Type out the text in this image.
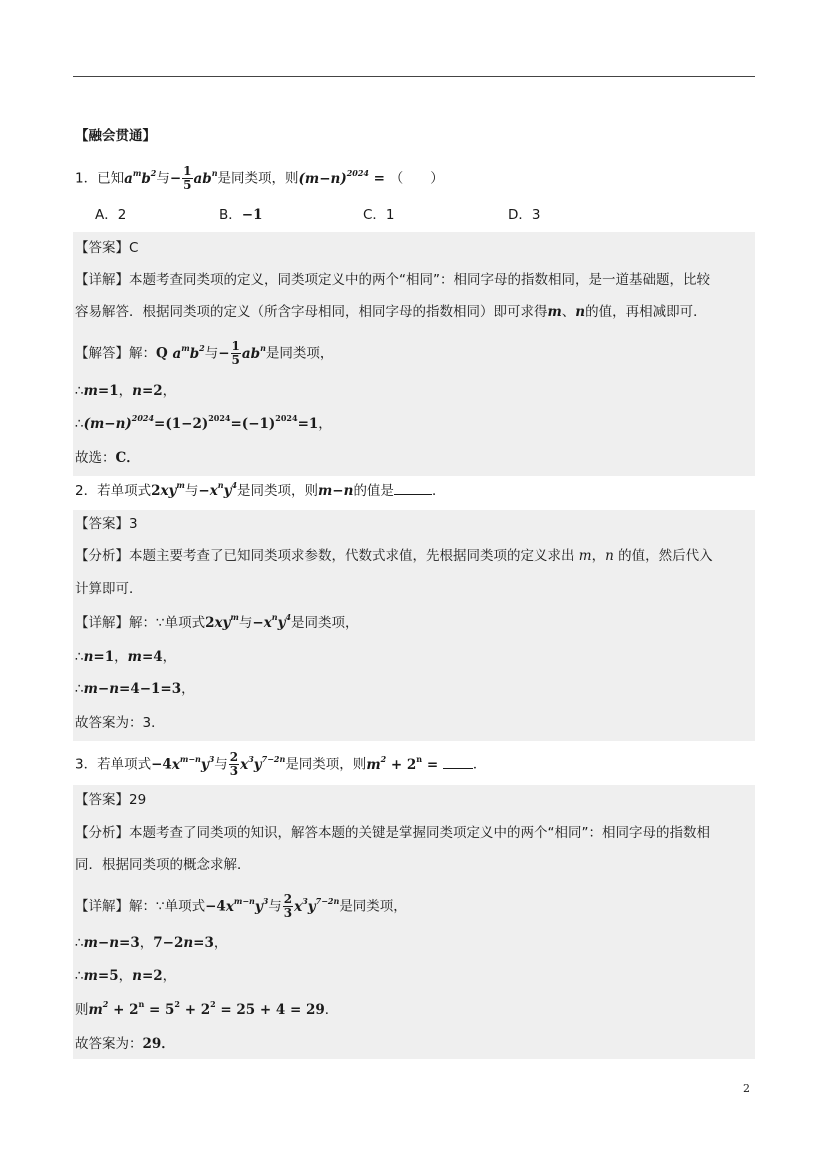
【融会贯通】
1．已知$a^mb^2$与− $\frac{1}{5} ab^n$是同类项，则$(m-n)^{2024}$ = （　　）
A．2	B．−1	C．1	D．3
【答案】C
【详解】本题考查同类项的定义，同类项定义中的两个“相同”：相同字母的指数相同，是一道基础题，比较
容易解答．根据同类项的定义（所含字母相同，相同字母的指数相同）即可求得m、n的值，再相减即可．
【解答】解：Q $a^mb^2$与− $\frac{1}{5} ab^n$是同类项，
∴m=1，n=2，
$\therefore(m-n)^{2024}=(1-2)^{2024}=(-1)^{2024}=1$，
故选：C．
2．若单项式$2xy^m$与$-x^ny^4$是同类项，则m−n的值是	．
【答案】3
【分析】本题主要考查了已知同类项求参数，代数式求值，先根据同类项的定义求出 m，n 的值，然后代入
计算即可．
【详解】解：∵单项式$2xy^m$与$-x^ny^4$是同类项，
∴n=1，m=4，
∴m−n=4−1=3，
故答案为：3．
3．若单项式$-4x^{m-n}y^3$与 $\frac{2}{3} x^3y^{7-2n}$是同类项，则$m^2 + 2^n$ = ．
【答案】29
【分析】本题考查了同类项的知识，解答本题的关键是掌握同类项定义中的两个“相同”：相同字母的指数相
同．根据同类项的概念求解．
【详解】解：∵单项式$-4x^{m-n}y^3$与 $\frac{2}{3} x^3y^{7-2n}$是同类项，
∴m−n=3，7−2n=3，
∴m=5，n=2，
则$m^2 + 2^n = 5^2 + 2^2 = 25 + 4 = 29$．
故答案为：29．
2
